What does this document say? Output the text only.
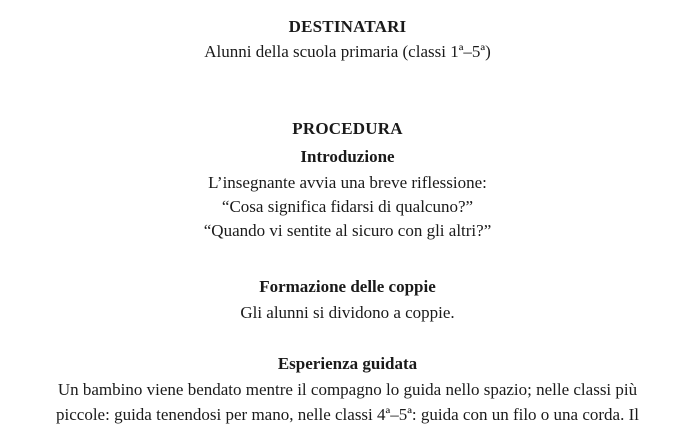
DESTINATARI
Alunni della scuola primaria (classi 1ª–5ª)
PROCEDURA
Introduzione
L’insegnante avvia una breve riflessione:
“Cosa significa fidarsi di qualcuno?”
“Quando vi sentite al sicuro con gli altri?”
Formazione delle coppie
Gli alunni si dividono a coppie.
Esperienza guidata
Un bambino viene bendato mentre il compagno lo guida nello spazio; nelle classi più
piccole: guida tenendosi per mano, nelle classi 4ª–5ª: guida con un filo o una corda. Il
